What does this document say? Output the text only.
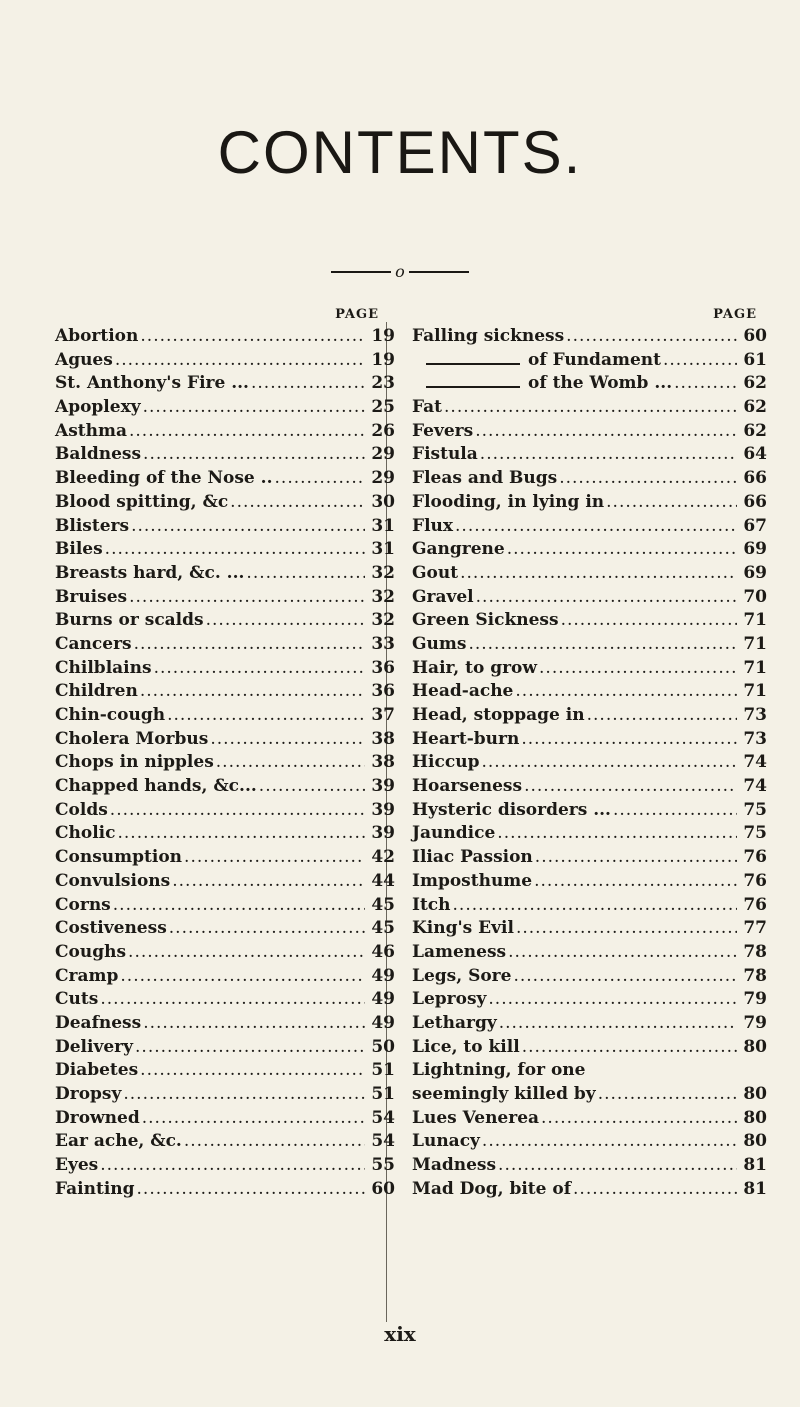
CONTENTS.
o
PAGE
Abortion .....	19
Agues .....	19
St. Anthony's Fire ... .....	23
Apoplexy .....	25
Asthma .....	26
Baldness .....	29
Bleeding of the Nose .. .....	29
Blood spitting, &c .....	30
Blisters .....	31
Biles .....	31
Breasts hard, &c. ... .....	32
Bruises .....	32
Burns or scalds .....	32
Cancers .....	33
Chilblains .....	36
Children .....	36
Chin-cough .....	37
Cholera Morbus .....	38
Chops in nipples .....	38
Chapped hands, &c... .....	39
Colds .....	39
Cholic .....	39
Consumption .....	42
Convulsions .....	44
Corns .....	45
Costiveness .....	45
Coughs .....	46
Cramp .....	49
Cuts .....	49
Deafness .....	49
Delivery .....	50
Diabetes .....	51
Dropsy .....	51
Drowned .....	54
Ear ache, &c. .....	54
Eyes .....	55
Fainting .....	60
PAGE
Falling sickness .....	60
of Fundament .....	61
of the Womb ... .....	62
Fat .....	62
Fevers .....	62
Fistula .....	64
Fleas and Bugs .....	66
Flooding, in lying in .....	66
Flux .....	67
Gangrene .....	69
Gout .....	69
Gravel .....	70
Green Sickness .....	71
Gums .....	71
Hair, to grow .....	71
Head-ache .....	71
Head, stoppage in .....	73
Heart-burn .....	73
Hiccup .....	74
Hoarseness .....	74
Hysteric disorders ... .....	75
Jaundice .....	75
Iliac Passion .....	76
Imposthume .....	76
Itch .....	76
King's Evil .....	77
Lameness .....	78
Legs, Sore .....	78
Leprosy .....	79
Lethargy .....	79
Lice, to kill .....	80
Lightning, for one
seemingly killed by .....	80
Lues Venerea .....	80
Lunacy .....	80
Madness .....	81
Mad Dog, bite of .....	81
xix
